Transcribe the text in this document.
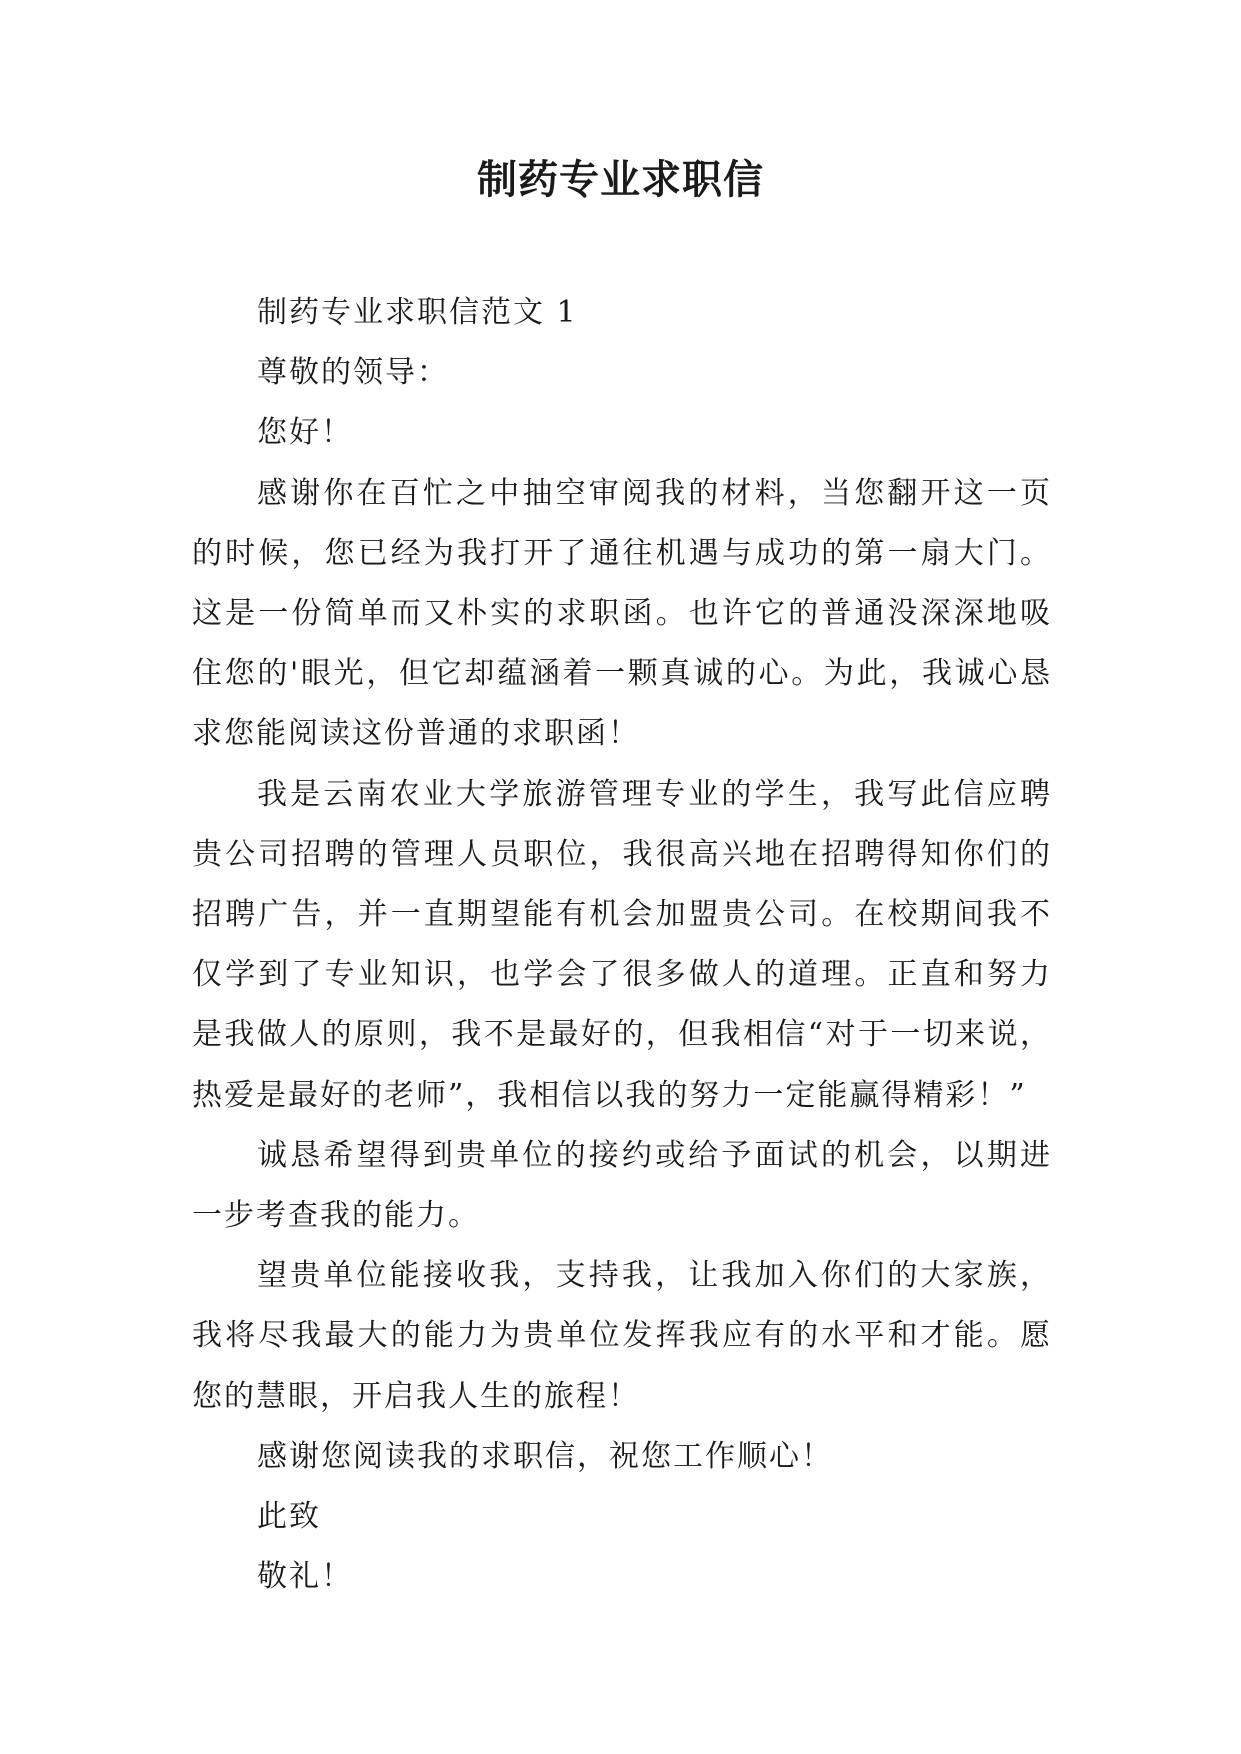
制药专业求职信

制药专业求职信范文 1

尊敬的领导：

您好！

感谢你在百忙之中抽空审阅我的材料，当您翻开这一页的时候，您已经为我打开了通往机遇与成功的第一扇大门。这是一份简单而又朴实的求职函。也许它的普通没深深地吸住您的'眼光，但它却蕴涵着一颗真诚的心。为此，我诚心恳求您能阅读这份普通的求职函！

我是云南农业大学旅游管理专业的学生，我写此信应聘贵公司招聘的管理人员职位，我很高兴地在招聘得知你们的招聘广告，并一直期望能有机会加盟贵公司。在校期间我不仅学到了专业知识，也学会了很多做人的道理。正直和努力是我做人的原则，我不是最好的，但我相信“对于一切来说，热爱是最好的老师”，我相信以我的努力一定能赢得精彩！”

诚恳希望得到贵单位的接约或给予面试的机会，以期进一步考查我的能力。

望贵单位能接收我，支持我，让我加入你们的大家族，我将尽我最大的能力为贵单位发挥我应有的水平和才能。愿您的慧眼，开启我人生的旅程！

感谢您阅读我的求职信，祝您工作顺心！

此致

敬礼！
